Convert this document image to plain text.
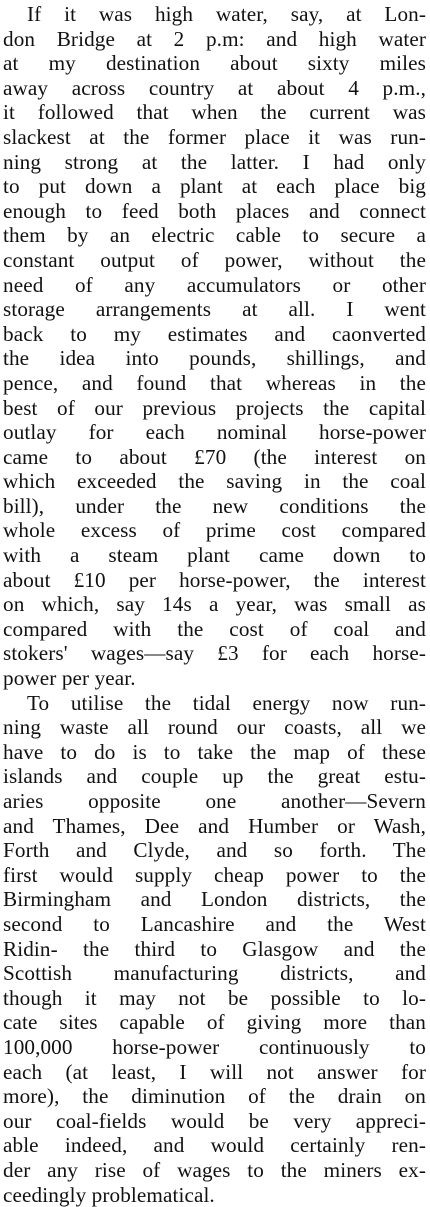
If it was high water, say, at Lon-
don Bridge at 2 p.m: and high water
at my destination about sixty miles
away across country at about 4 p.m.,
it followed that when the current was
slackest at the former place it was run-
ning strong at the latter. I had only
to put down a plant at each place big
enough to feed both places and connect
them by an electric cable to secure a
constant output of power, without the
need of any accumulators or other
storage arrangements at all. I went
back to my estimates and caonverted
the idea into pounds, shillings, and
pence, and found that whereas in the
best of our previous projects the capital
outlay for each nominal horse-power
came to about £70 (the interest on
which exceeded the saving in the coal
bill), under the new conditions the
whole excess of prime cost compared
with a steam plant came down to
about £10 per horse-power, the interest
on which, say 14s a year, was small as
compared with the cost of coal and
stokers' wages—say £3 for each horse-
power per year.
To utilise the tidal energy now run-
ning waste all round our coasts, all we
have to do is to take the map of these
islands and couple up the great estu-
aries opposite one another—Severn
and Thames, Dee and Humber or Wash,
Forth and Clyde, and so forth. The
first would supply cheap power to the
Birmingham and London districts, the
second to Lancashire and the West
Ridin- the third to Glasgow and the
Scottish manufacturing districts, and
though it may not be possible to lo-
cate sites capable of giving more than
100,000 horse-power continuously to
each (at least, I will not answer for
more), the diminution of the drain on
our coal-fields would be very appreci-
able indeed, and would certainly ren-
der any rise of wages to the miners ex-
ceedingly problematical.
